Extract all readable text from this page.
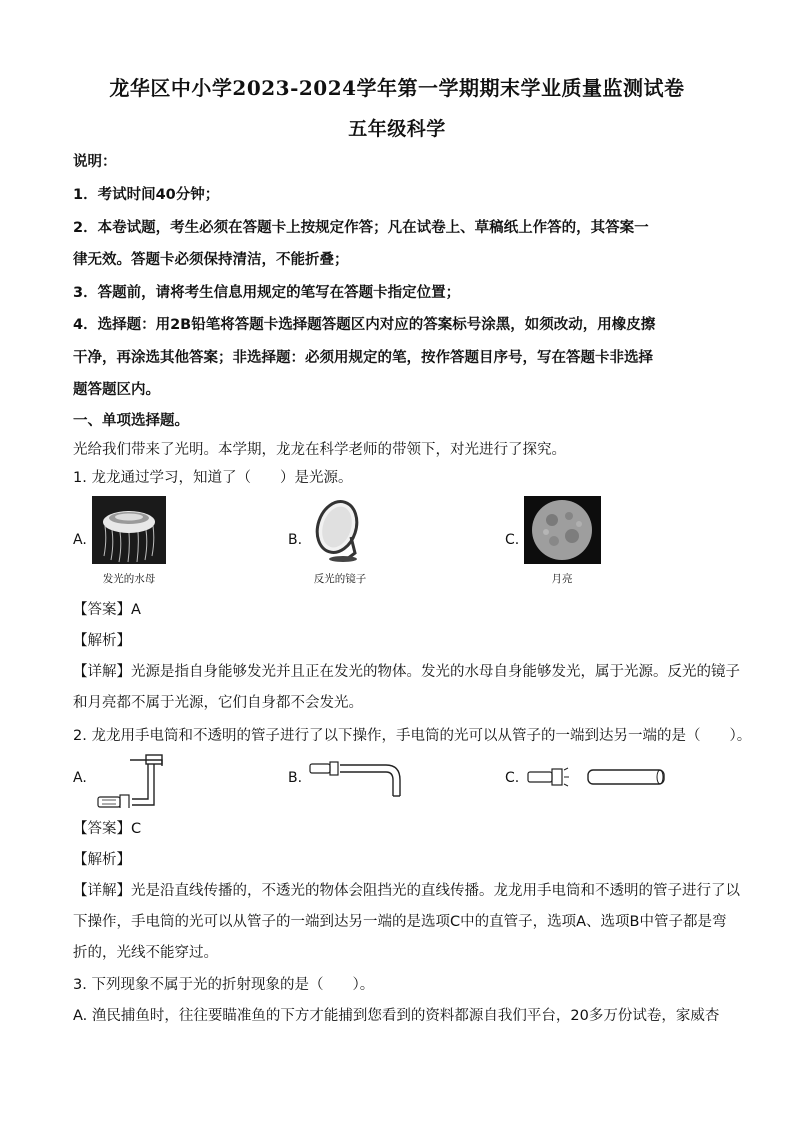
龙华区中小学2023-2024学年第一学期期末学业质量监测试卷
五年级科学
说明：
1．考试时间40分钟；
2．本卷试题，考生必须在答题卡上按规定作答；凡在试卷上、草稿纸上作答的，其答案一
律无效。答题卡必须保持清洁，不能折叠；
3．答题前，请将考生信息用规定的笔写在答题卡指定位置；
4．选择题：用2B铅笔将答题卡选择题答题区内对应的答案标号涂黑，如须改动，用橡皮擦
干净，再涂选其他答案；非选择题：必须用规定的笔，按作答题目序号，写在答题卡非选择
题答题区内。
一、单项选择题。
光给我们带来了光明。本学期，龙龙在科学老师的带领下，对光进行了探究。
1. 龙龙通过学习，知道了（　　）是光源。
A.
发光的水母
B.
反光的镜子
C.
月亮
【答案】A
【解析】
【详解】光源是指自身能够发光并且正在发光的物体。发光的水母自身能够发光，属于光源。反光的镜子
和月亮都不属于光源，它们自身都不会发光。
2. 龙龙用手电筒和不透明的管子进行了以下操作，手电筒的光可以从管子的一端到达另一端的是（　　）。
A.	B.	C.
【答案】C
【解析】
【详解】光是沿直线传播的，不透光的物体会阻挡光的直线传播。龙龙用手电筒和不透明的管子进行了以
下操作，手电筒的光可以从管子的一端到达另一端的是选项C中的直管子，选项A、选项B中管子都是弯
折的，光线不能穿过。
3. 下列现象不属于光的折射现象的是（　　）。
A. 渔民捕鱼时，往往要瞄准鱼的下方才能捕到您看到的资料都源自我们平台，20多万份试卷，家威杏
